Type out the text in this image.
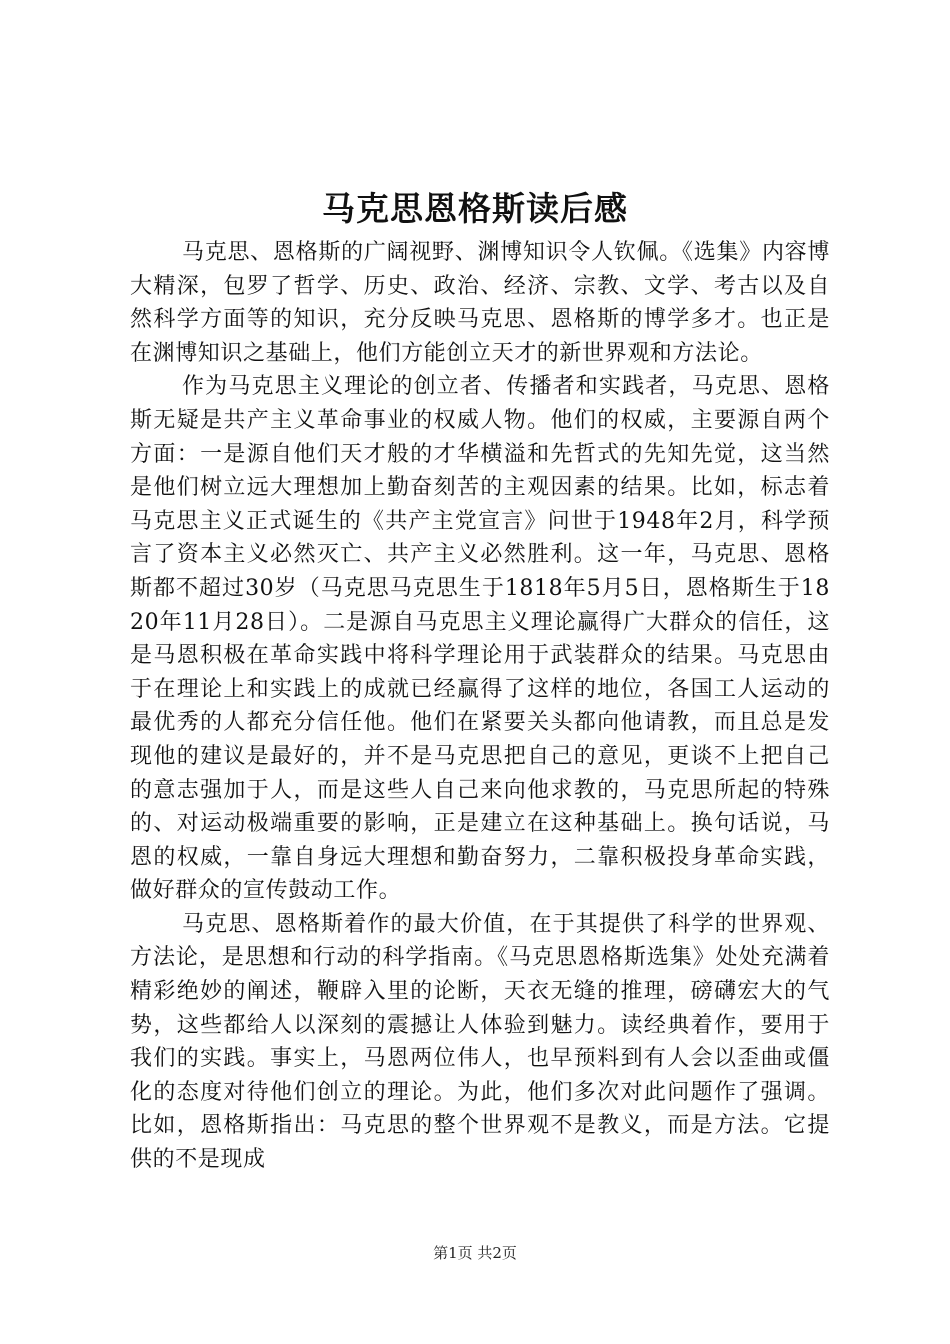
马克思恩格斯读后感

马克思、恩格斯的广阔视野、渊博知识令人钦佩。《选集》内容博大精深，包罗了哲学、历史、政治、经济、宗教、文学、考古以及自然科学方面等的知识，充分反映马克思、恩格斯的博学多才。也正是在渊博知识之基础上，他们方能创立天才的新世界观和方法论。

作为马克思主义理论的创立者、传播者和实践者，马克思、恩格斯无疑是共产主义革命事业的权威人物。他们的权威，主要源自两个方面：一是源自他们天才般的才华横溢和先哲式的先知先觉，这当然是他们树立远大理想加上勤奋刻苦的主观因素的结果。比如，标志着马克思主义正式诞生的《共产主党宣言》问世于1948年2月，科学预言了资本主义必然灭亡、共产主义必然胜利。这一年，马克思、恩格斯都不超过30岁（马克思马克思生于1818年5月5日，恩格斯生于1820年11月28日）。二是源自马克思主义理论赢得广大群众的信任，这是马恩积极在革命实践中将科学理论用于武装群众的结果。马克思由于在理论上和实践上的成就已经赢得了这样的地位，各国工人运动的最优秀的人都充分信任他。他们在紧要关头都向他请教，而且总是发现他的建议是最好的，并不是马克思把自己的意见，更谈不上把自己的意志强加于人，而是这些人自己来向他求教的，马克思所起的特殊的、对运动极端重要的影响，正是建立在这种基础上。换句话说，马恩的权威，一靠自身远大理想和勤奋努力，二靠积极投身革命实践，做好群众的宣传鼓动工作。

马克思、恩格斯着作的最大价值，在于其提供了科学的世界观、方法论，是思想和行动的科学指南。《马克思恩格斯选集》处处充满着精彩绝妙的阐述，鞭辟入里的论断，天衣无缝的推理，磅礴宏大的气势，这些都给人以深刻的震撼让人体验到魅力。读经典着作，要用于我们的实践。事实上，马恩两位伟人，也早预料到有人会以歪曲或僵化的态度对待他们创立的理论。为此，他们多次对此问题作了强调。比如，恩格斯指出：马克思的整个世界观不是教义，而是方法。它提供的不是现成

第1页 共2页
